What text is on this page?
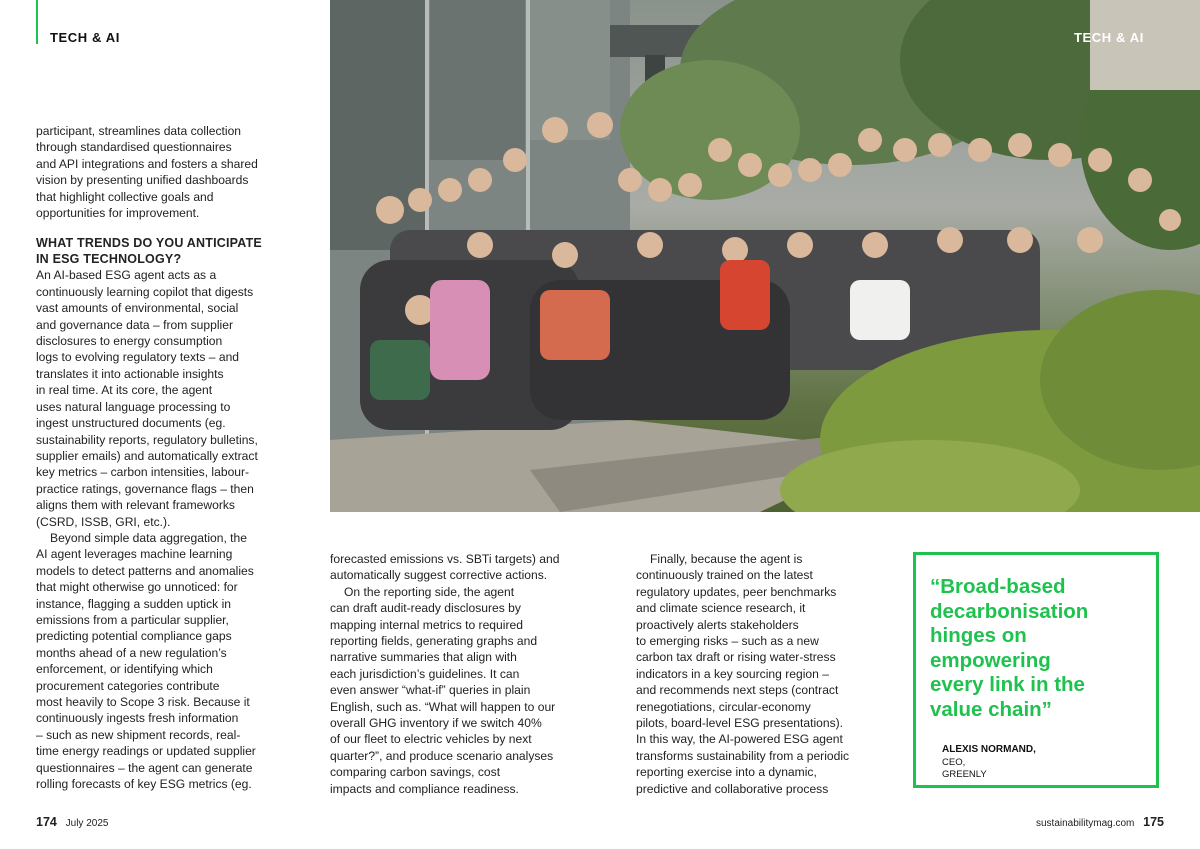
TECH & AI	TECH & AI

participant, streamlines data collection
through standardised questionnaires
and API integrations and fosters a shared
vision by presenting unified dashboards
that highlight collective goals and
opportunities for improvement.

WHAT TRENDS DO YOU ANTICIPATE
IN ESG TECHNOLOGY?

An AI-based ESG agent acts as a
continuously learning copilot that digests
vast amounts of environmental, social
and governance data – from supplier
disclosures to energy consumption
logs to evolving regulatory texts – and
translates it into actionable insights
in real time. At its core, the agent
uses natural language processing to
ingest unstructured documents (eg.
sustainability reports, regulatory bulletins,
supplier emails) and automatically extract
key metrics – carbon intensities, labour-
practice ratings, governance flags – then
aligns them with relevant frameworks
(CSRD, ISSB, GRI, etc.).

Beyond simple data aggregation, the
AI agent leverages machine learning
models to detect patterns and anomalies
that might otherwise go unnoticed: for
instance, flagging a sudden uptick in
emissions from a particular supplier,
predicting potential compliance gaps
months ahead of a new regulation’s
enforcement, or identifying which
procurement categories contribute
most heavily to Scope 3 risk. Because it
continuously ingests fresh information
– such as new shipment records, real-
time energy readings or updated supplier
questionnaires – the agent can generate
rolling forecasts of key ESG metrics (eg.

forecasted emissions vs. SBTi targets) and
automatically suggest corrective actions.

On the reporting side, the agent
can draft audit-ready disclosures by
mapping internal metrics to required
reporting fields, generating graphs and
narrative summaries that align with
each jurisdiction’s guidelines. It can
even answer “what-if” queries in plain
English, such as. “What will happen to our
overall GHG inventory if we switch 40%
of our fleet to electric vehicles by next
quarter?”, and produce scenario analyses
comparing carbon savings, cost
impacts and compliance readiness.

Finally, because the agent is
continuously trained on the latest
regulatory updates, peer benchmarks
and climate science research, it
proactively alerts stakeholders
to emerging risks – such as a new
carbon tax draft or rising water-stress
indicators in a key sourcing region –
and recommends next steps (contract
renegotiations, circular-economy
pilots, board-level ESG presentations).
In this way, the AI-powered ESG agent
transforms sustainability from a periodic
reporting exercise into a dynamic,
predictive and collaborative process

“Broad-based
decarbonisation
hinges on
empowering
every link in the
value chain”

ALEXIS NORMAND,
CEO,
GREENLY
174 July 2025	sustainabilitymag.com 175
